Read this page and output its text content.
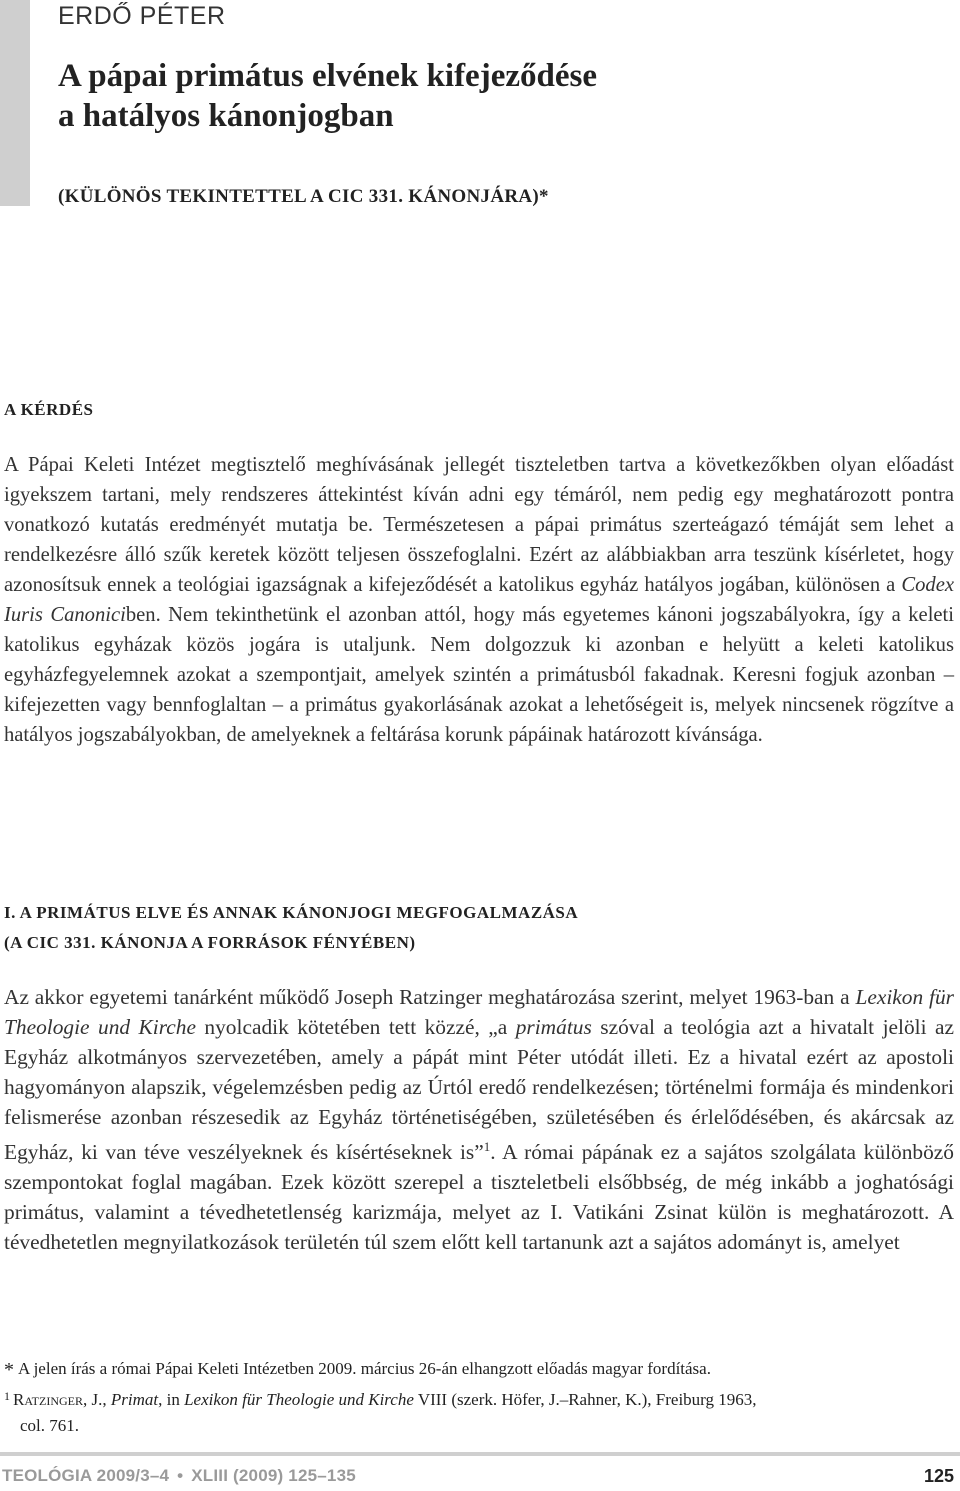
ERDŐ PÉTER
A pápai primátus elvének kifejeződése
a hatályos kánonjogban
(KÜLÖNÖS TEKINTETTEL A CIC 331. KÁNONJÁRA)*
A KÉRDÉS

A Pápai Keleti Intézet megtisztelő meghívásának jellegét tiszteletben tartva a következőkben olyan előadást igyekszem tartani, mely rendszeres áttekintést kíván adni egy témáról, nem pedig egy meghatározott pontra vonatkozó kutatás eredményét mutatja be. Természetesen a pápai primátus szerteágazó témáját sem lehet a rendelkezésre álló szűk keretek között teljesen összefoglalni. Ezért az alábbiakban arra teszünk kísérletet, hogy azonosítsuk ennek a teológiai igazságnak a kifejeződését a katolikus egyház hatályos jogában, különösen a Codex Iuris Canoniciben. Nem tekinthetünk el azonban attól, hogy más egyetemes kánoni jogszabályokra, így a keleti katolikus egyházak közös jogára is utaljunk. Nem dolgozzuk ki azonban e helyütt a keleti katolikus egyházfegyelemnek azokat a szempontjait, amelyek szintén a primátusból fakadnak. Keresni fogjuk azonban – kifejezetten vagy bennfoglaltan – a primátus gyakorlásának azokat a lehetőségeit is, melyek nincsenek rögzítve a hatályos jogszabályokban, de amelyeknek a feltárása korunk pápáinak határozott kívánsága.

I. A PRIMÁTUS ELVE ÉS ANNAK KÁNONJOGI MEGFOGALMAZÁSA
(A CIC 331. KÁNONJA A FORRÁSOK FÉNYÉBEN)

Az akkor egyetemi tanárként működő Joseph Ratzinger meghatározása szerint, melyet 1963-ban a Lexikon für Theologie und Kirche nyolcadik kötetében tett közzé, „a primátus szóval a teológia azt a hivatalt jelöli az Egyház alkotmányos szervezetében, amely a pápát mint Péter utódát illeti. Ez a hivatal ezért az apostoli hagyományon alapszik, végelemzésben pedig az Úrtól eredő rendelkezésen; történelmi formája és mindenkori felismerése azonban részesedik az Egyház történetiségében, születésében és érlelődésében, és akárcsak az Egyház, ki van téve veszélyeknek és kísértéseknek is”$^1$. A római pápának ez a sajátos szolgálata különböző szempontokat foglal magában. Ezek között szerepel a tiszteletbeli elsőbbség, de még inkább a joghatósági primátus, valamint a tévedhetetlenség karizmája, melyet az I. Vatikáni Zsinat külön is meghatározott. A tévedhetetlen megnyilatkozások területén túl szem előtt kell tartanunk azt a sajátos adományt is, amelyet

* A jelen írás a római Pápai Keleti Intézetben 2009. március 26-án elhangzott előadás magyar fordítása.

$^1$ Ratzinger, J., Primat, in Lexikon für Theologie und Kirche VIII (szerk. Höfer, J.–Rahner, K.), Freiburg 1963,
col. 761.

TEOLÓGIA 2009/3–4 • XLIII (2009) 125–135	125
